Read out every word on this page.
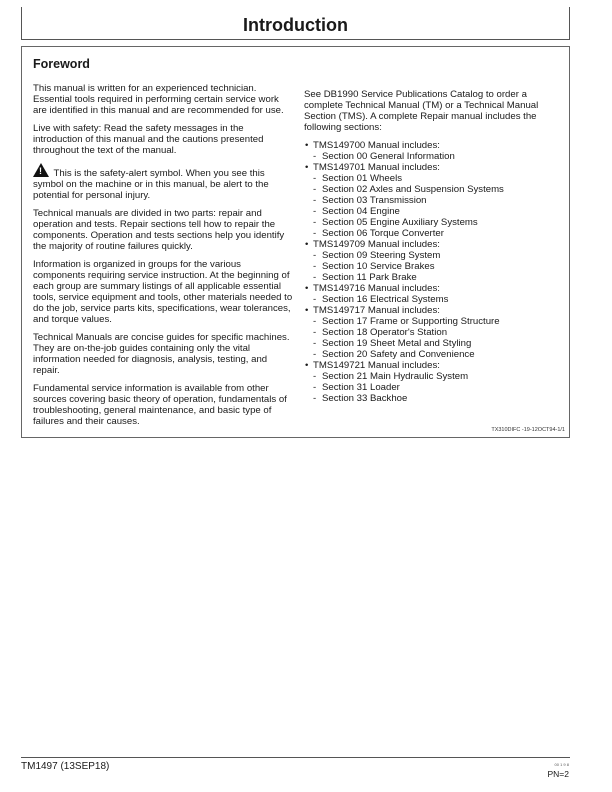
Introduction
Foreword

This manual is written for an experienced technician. Essential tools required in performing certain service work are identified in this manual and are recommended for use.

Live with safety: Read the safety messages in the introduction of this manual and the cautions presented throughout the text of the manual.

! This is the safety-alert symbol. When you see this symbol on the machine or in this manual, be alert to the potential for personal injury.

Technical manuals are divided in two parts: repair and operation and tests. Repair sections tell how to repair the components. Operation and tests sections help you identify the majority of routine failures quickly.

Information is organized in groups for the various components requiring service instruction. At the beginning of each group are summary listings of all applicable essential tools, service equipment and tools, other materials needed to do the job, service parts kits, specifications, wear tolerances, and torque values.

Technical Manuals are concise guides for specific machines. They are on-the-job guides containing only the vital information needed for diagnosis, analysis, testing, and repair.

Fundamental service information is available from other sources covering basic theory of operation, fundamentals of troubleshooting, general maintenance, and basic type of failures and their causes.

See DB1990 Service Publications Catalog to order a complete Technical Manual (TM) or a Technical Manual Section (TMS). A complete Repair manual includes the following sections:

• TMS149700 Manual includes:
- Section 00 General Information
• TMS149701 Manual includes:
- Section 01 Wheels
- Section 02 Axles and Suspension Systems
- Section 03 Transmission
- Section 04 Engine
- Section 05 Engine Auxiliary Systems
- Section 06 Torque Converter
• TMS149709 Manual includes:
- Section 09 Steering System
- Section 10 Service Brakes
- Section 11 Park Brake
• TMS149716 Manual includes:
- Section 16 Electrical Systems
• TMS149717 Manual includes:
- Section 17 Frame or Supporting Structure
- Section 18 Operator's Station
- Section 19 Sheet Metal and Styling
- Section 20 Safety and Convenience
• TMS149721 Manual includes:
- Section 21 Main Hydraulic System
- Section 31 Loader
- Section 33 Backhoe
TX310DIFC -19-12OCT94-1/1
TM1497 (13SEP18)	00 1 9 8
PN=2
